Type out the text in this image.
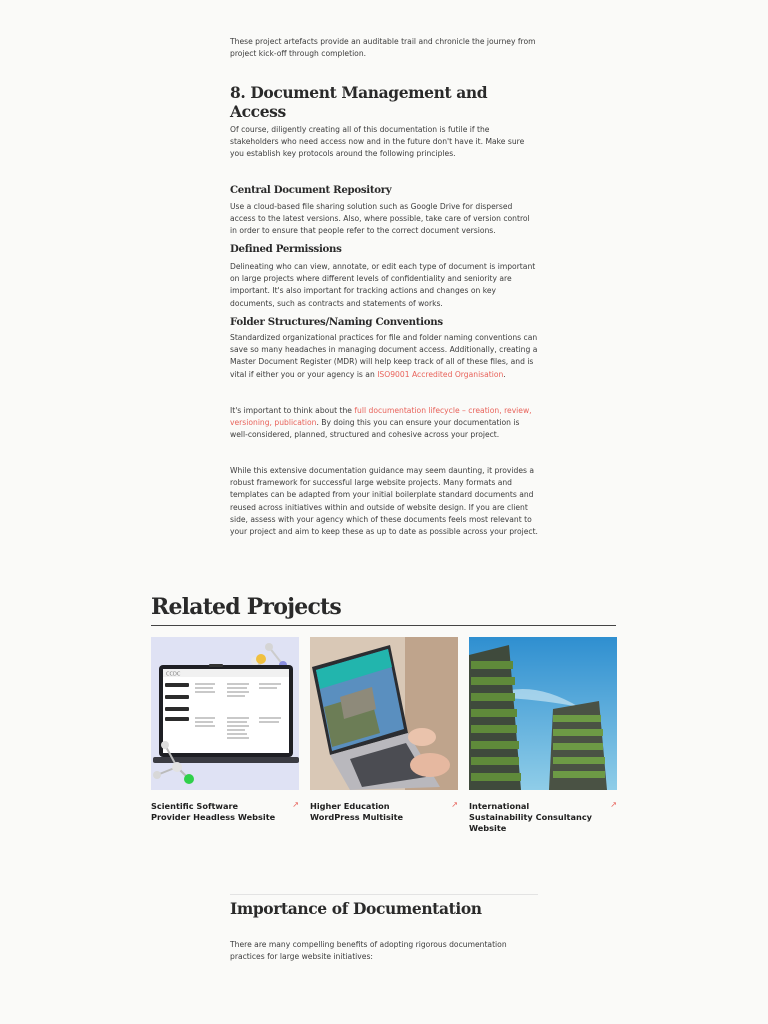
These project artefacts provide an auditable trail and chronicle the journey from project kick-off through completion.

8. Document Management and Access

Of course, diligently creating all of this documentation is futile if the stakeholders who need access now and in the future don't have it. Make sure you establish key protocols around the following principles.

Central Document Repository

Use a cloud-based file sharing solution such as Google Drive for dispersed access to the latest versions. Also, where possible, take care of version control in order to ensure that people refer to the correct document versions.

Defined Permissions

Delineating who can view, annotate, or edit each type of document is important on large projects where different levels of confidentiality and seniority are important. It's also important for tracking actions and changes on key documents, such as contracts and statements of works.

Folder Structures/Naming Conventions

Standardized organizational practices for file and folder naming conventions can save so many headaches in managing document access. Additionally, creating a Master Document Register (MDR) will help keep track of all of these files, and is vital if either you or your agency is an ISO9001 Accredited Organisation.

It's important to think about the full documentation lifecycle – creation, review, versioning, publication. By doing this you can ensure your documentation is well-considered, planned, structured and cohesive across your project.

While this extensive documentation guidance may seem daunting, it provides a robust framework for successful large website projects. Many formats and templates can be adapted from your initial boilerplate standard documents and reused across initiatives within and outside of website design. If you are client side, assess with your agency which of these documents feels most relevant to your project and aim to keep these as up to date as possible across your project.

Related Projects
CCDC
Scientific Software Provider Headless Website
↗ Higher Education WordPress Multisite
↗ International Sustainability Consultancy Website
↗
Importance of Documentation

There are many compelling benefits of adopting rigorous documentation practices for large website initiatives:
